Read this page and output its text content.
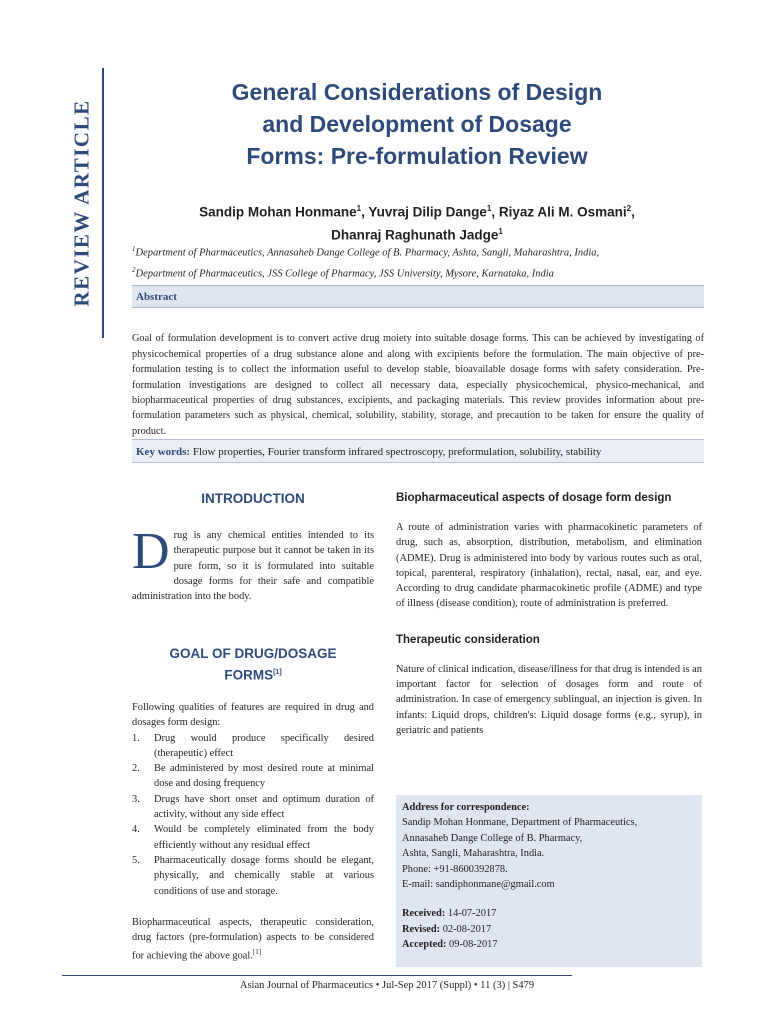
REVIEW ARTICLE
General Considerations of Design
and Development of Dosage
Forms: Pre-formulation Review
Sandip Mohan Honmane$^1$, Yuvraj Dilip Dange$^1$, Riyaz Ali M. Osmani$^2$,
Dhanraj Raghunath Jadge$^1$
$^1$Department of Pharmaceutics, Annasaheb Dange College of B. Pharmacy, Ashta, Sangli, Maharashtra, India,
$^2$Department of Pharmaceutics, JSS College of Pharmacy, JSS University, Mysore, Karnataka, India
Abstract

Goal of formulation development is to convert active drug moiety into suitable dosage forms. This can be achieved by investigating of physicochemical properties of a drug substance alone and along with excipients before the formulation. The main objective of pre-formulation testing is to collect the information useful to develop stable, bioavailable dosage forms with safety consideration. Pre-formulation investigations are designed to collect all necessary data, especially physicochemical, physico-mechanical, and biopharmaceutical properties of drug substances, excipients, and packaging materials. This review provides information about pre-formulation parameters such as physical, chemical, solubility, stability, storage, and precaution to be taken for ensure the quality of product.

Key words: Flow properties, Fourier transform infrared spectroscopy, preformulation, solubility, stability
INTRODUCTION

Drug is any chemical entities intended to its therapeutic purpose but it cannot be taken in its pure form, so it is formulated into suitable dosage forms for their safe and compatible administration into the body.

GOAL OF DRUG/DOSAGE
FORMS[1]

Following qualities of features are required in drug and dosages form design:

1. Drug would produce specifically desired (therapeutic) effect
2. Be administered by most desired route at minimal dose and dosing frequency
3. Drugs have short onset and optimum duration of activity, without any side effect
4. Would be completely eliminated from the body efficiently without any residual effect
5. Pharmaceutically dosage forms should be elegant, physically, and chemically stable at various conditions of use and storage.

Biopharmaceutical aspects, therapeutic consideration, drug factors (pre-formulation) aspects to be considered for achieving the above goal.[1]

Biopharmaceutical aspects of dosage form design

A route of administration varies with pharmacokinetic parameters of drug, such as, absorption, distribution, metabolism, and elimination (ADME). Drug is administered into body by various routes such as oral, topical, parenteral, respiratory (inhalation), rectal, nasal, ear, and eye. According to drug candidate pharmacokinetic profile (ADME) and type of illness (disease condition), route of administration is preferred.

Therapeutic consideration

Nature of clinical indication, disease/illness for that drug is intended is an important factor for selection of dosages form and route of administration. In case of emergency sublingual, an injection is given. In infants: Liquid drops, children's: Liquid dosage forms (e.g., syrup), in geriatric and patients

Address for correspondence:
Sandip Mohan Honmane, Department of Pharmaceutics,
Annasaheb Dange College of B. Pharmacy,
Ashta, Sangli, Maharashtra, India.
Phone: +91-8600392878.
E-mail: sandiphonmane@gmail.com
Received: 14-07-2017
Revised: 02-08-2017
Accepted: 09-08-2017
Asian Journal of Pharmaceutics • Jul-Sep 2017 (Suppl) • 11 (3) | S479
